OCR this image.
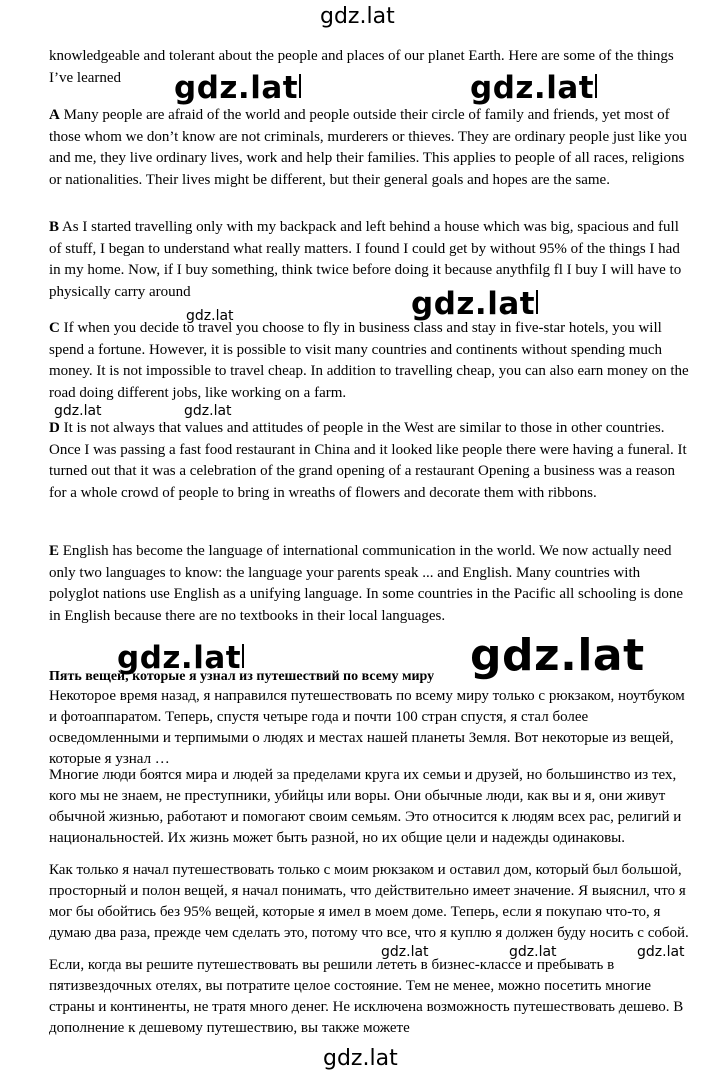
knowledgeable and tolerant about the people and places of our planet Earth. Here are some of the things I’ve learned

A Many people are afraid of the world and people outside their circle of family and friends, yet most of those whom we don’t know are not criminals, murderers or thieves. They are ordinary people just like you and me, they live ordinary lives, work and help their families. This applies to people of all races, religions or nationalities. Their lives might be different, but their general goals and hopes are the same.

B As I started travelling only with my backpack and left behind a house which was big, spacious and full of stuff, I began to understand what really matters. I found I could get by without 95% of the things I had in my home. Now, if I buy something, think twice before doing it because anythfilg fl I buy I will have to physically carry around

C If when you decide to travel you choose to fly in business class and stay in five-star hotels, you will spend a fortune. However, it is possible to visit many countries and continents without spending much money. It is not impossible to travel cheap. In addition to travelling cheap, you can also earn money on the road doing different jobs, like working on a farm.

D It is not always that values and attitudes of people in the West are similar to those in other countries. Once I was passing a fast food restaurant in China and it looked like people there were having a funeral. It turned out that it was a celebration of the grand opening of a restaurant Opening a business was a reason for a whole crowd of people to bring in wreaths of flowers and decorate them with ribbons.

E English has become the language of international communication in the world. We now actually need only two languages to know: the language your parents speak ... and English. Many countries with polyglot nations use English as a unifying language. In some countries in the Pacific all schooling is done in English because there are no textbooks in their local languages.

Пять вещей, которые я узнал из путешествий по всему миру

Некоторое время назад, я направился путешествовать по всему миру только с рюкзаком, ноутбуком и фотоаппаратом. Теперь, спустя четыре года и почти 100 стран спустя, я стал более осведомленными и терпимыми о людях и местах нашей планеты Земля. Вот некоторые из вещей, которые я узнал …

Многие люди боятся мира и людей за пределами круга их семьи и друзей, но большинство из тех, кого мы не знаем, не преступники, убийцы или воры. Они обычные люди, как вы и я, они живут обычной жизнью, работают и помогают своим семьям. Это относится к людям всех рас, религий и национальностей. Их жизнь может быть разной, но их общие цели и надежды одинаковы.

Как только я начал путешествовать только с моим рюкзаком и оставил дом, который был большой, просторный и полон вещей, я начал понимать, что действительно имеет значение. Я выяснил, что я мог бы обойтись без 95% вещей, которые я имел в моем доме. Теперь, если я покупаю что-то, я думаю два раза, прежде чем сделать это, потому что все, что я куплю я должен буду носить с собой.

Если, когда вы решите путешествовать вы решили лететь в бизнес-классе и пребывать в пятизвездочных отелях, вы потратите целое состояние. Тем не менее, можно посетить многие страны и континенты, не тратя много денег. Не исключена возможность путешествовать дешево. В дополнение к дешевому путешествию, вы также можете

gdz.lat
gdz.lat	gdz.lat
gdz.lat
gdz.lat
gdz.lat	gdz.lat
gdz.lat	gdz.lat
gdz.lat	gdz.lat	gdz.lat
gdz.lat
